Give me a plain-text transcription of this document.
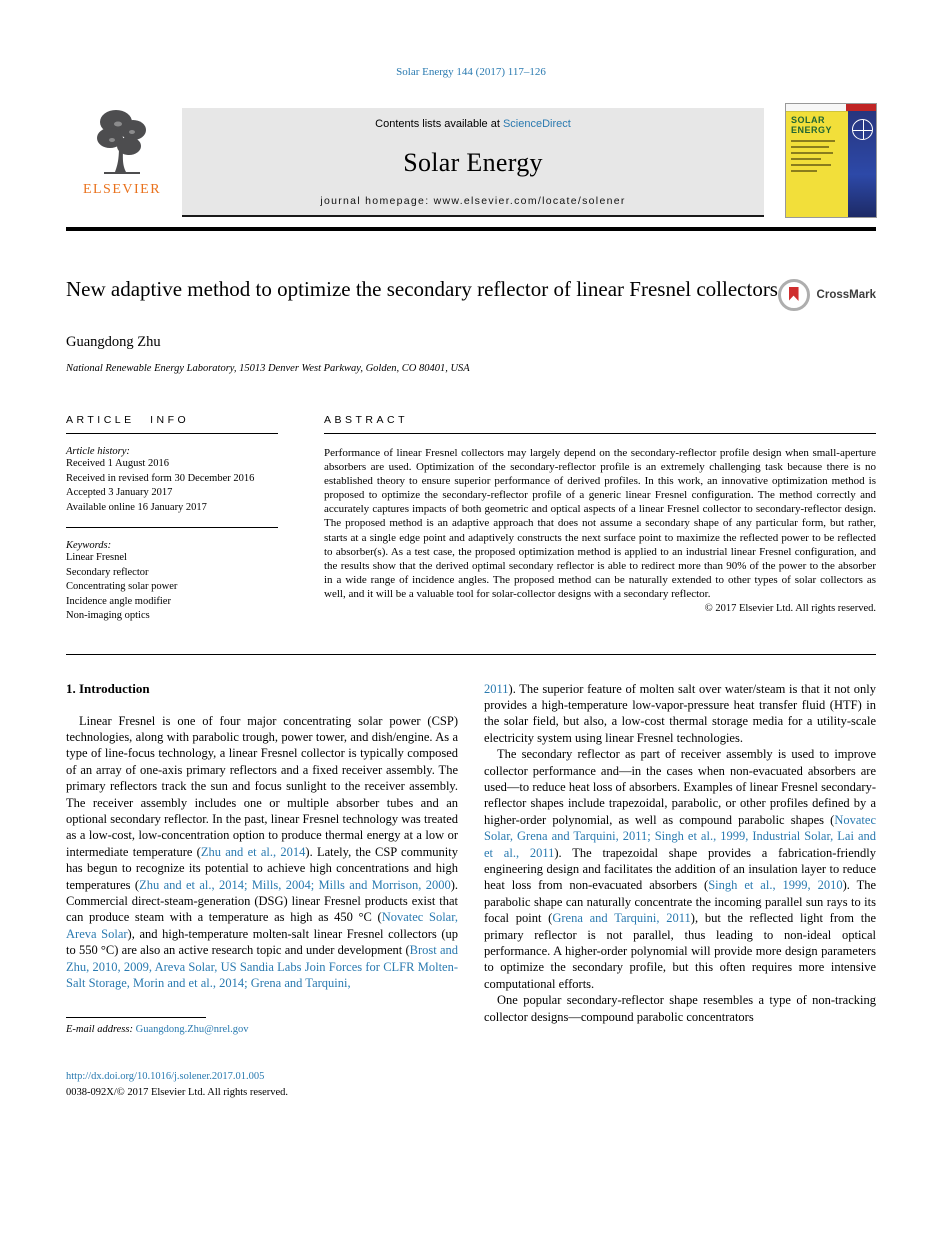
Solar Energy 144 (2017) 117–126
ELSEVIER
Contents lists available at ScienceDirect
Solar Energy
journal homepage: www.elsevier.com/locate/solener
SOLAR
ENERGY
New adaptive method to optimize the secondary reflector of linear Fresnel collectors	CrossMark
Guangdong Zhu
National Renewable Energy Laboratory, 15013 Denver West Parkway, Golden, CO 80401, USA
ARTICLE INFO
Article history:
Received 1 August 2016
Received in revised form 30 December 2016
Accepted 3 January 2017
Available online 16 January 2017
Keywords:
Linear Fresnel
Secondary reflector
Concentrating solar power
Incidence angle modifier
Non-imaging optics
ABSTRACT

Performance of linear Fresnel collectors may largely depend on the secondary-reflector profile design when small-aperture absorbers are used. Optimization of the secondary-reflector profile is an extremely challenging task because there is no established theory to ensure superior performance of derived profiles. In this work, an innovative optimization method is proposed to optimize the secondary-reflector profile of a generic linear Fresnel configuration. The method correctly and accurately captures impacts of both geometric and optical aspects of a linear Fresnel collector to secondary-reflector design. The proposed method is an adaptive approach that does not assume a secondary shape of any particular form, but rather, starts at a single edge point and adaptively constructs the next surface point to maximize the reflected power to be reflected to absorber(s). As a test case, the proposed optimization method is applied to an industrial linear Fresnel configuration, and the results show that the derived optimal secondary reflector is able to redirect more than 90% of the power to the absorber in a wide range of incidence angles. The proposed method can be naturally extended to other types of solar collectors as well, and it will be a valuable tool for solar-collector designs with a secondary reflector.

© 2017 Elsevier Ltd. All rights reserved.
1. Introduction

Linear Fresnel is one of four major concentrating solar power (CSP) technologies, along with parabolic trough, power tower, and dish/engine. As a type of line-focus technology, a linear Fresnel collector is typically composed of an array of one-axis primary reflectors and a fixed receiver assembly. The primary reflectors track the sun and focus sunlight to the receiver assembly. The receiver assembly includes one or multiple absorber tubes and an optional secondary reflector. In the past, linear Fresnel technology was treated as a low-cost, low-concentration option to produce thermal energy at a low or intermediate temperature (Zhu and et al., 2014). Lately, the CSP community has begun to recognize its potential to achieve high concentrations and high temperatures (Zhu and et al., 2014; Mills, 2004; Mills and Morrison, 2000). Commercial direct-steam-generation (DSG) linear Fresnel products exist that can produce steam with a temperature as high as 450 °C (Novatec Solar, Areva Solar), and high-temperature molten-salt linear Fresnel collectors (up to 550 °C) are also an active research topic and under development (Brost and Zhu, 2010, 2009, Areva Solar, US Sandia Labs Join Forces for CLFR Molten-Salt Storage, Morin and et al., 2014; Grena and Tarquini,

E-mail address: Guangdong.Zhu@nrel.gov

2011). The superior feature of molten salt over water/steam is that it not only provides a high-temperature low-vapor-pressure heat transfer fluid (HTF) in the solar field, but also, a low-cost thermal storage media for a utility-scale electricity system using linear Fresnel technologies.

The secondary reflector as part of receiver assembly is used to improve collector performance and—in the cases when non-evacuated absorbers are used—to reduce heat loss of absorbers. Examples of linear Fresnel secondary-reflector shapes include trapezoidal, parabolic, or other profiles defined by a higher-order polynomial, as well as compound parabolic shapes (Novatec Solar, Grena and Tarquini, 2011; Singh et al., 1999, Industrial Solar, Lai and et al., 2011). The trapezoidal shape provides a fabrication-friendly engineering design and facilitates the addition of an insulation layer to reduce heat loss from non-evacuated absorbers (Singh et al., 1999, 2010). The parabolic shape can naturally concentrate the incoming parallel sun rays to its focal point (Grena and Tarquini, 2011), but the reflected light from the primary reflector is not parallel, thus leading to non-ideal optical performance. A higher-order polynomial will provide more design parameters to optimize the secondary profile, but this often requires more intensive computational efforts.

One popular secondary-reflector shape resembles a type of non-tracking collector designs—compound parabolic concentrators

http://dx.doi.org/10.1016/j.solener.2017.01.005
0038-092X/© 2017 Elsevier Ltd. All rights reserved.
